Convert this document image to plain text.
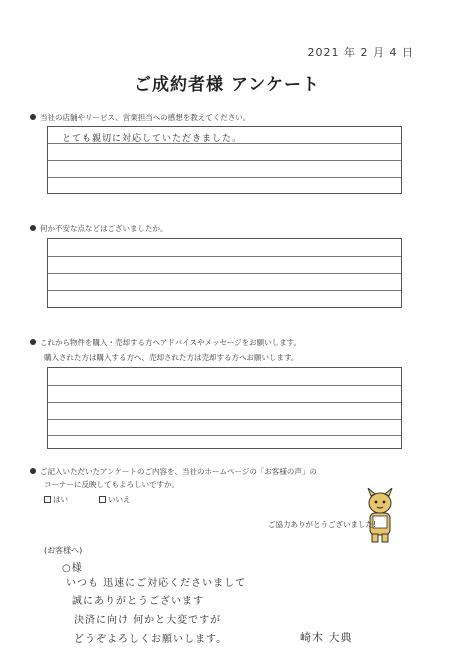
2021 年 2 月 4 日
ご成約者様 アンケート
当社の店舗やリービス、営業担当への感想を教えてください。
とても親切に対応していただきました。
何か不安な点などはございましたか。
これから物件を購入・売却する方へアドバイスやメッセージをお願いします。
購入された方は購入する方へ、売却された方は売却する方へお願いします。
ご記入いただいたアンケートのご内容を、当社のホームページの「お客様の声」の
コーナーに反映してもよろしいですか。
はい	いいえ
ご協力ありがとうございました!
(お客様へ)
○様
いつも 迅速にご対応くださいまして
誠にありがとうございます
決済に向け 何かと大変ですが
どうぞよろしくお願いします。	崎木 大典
